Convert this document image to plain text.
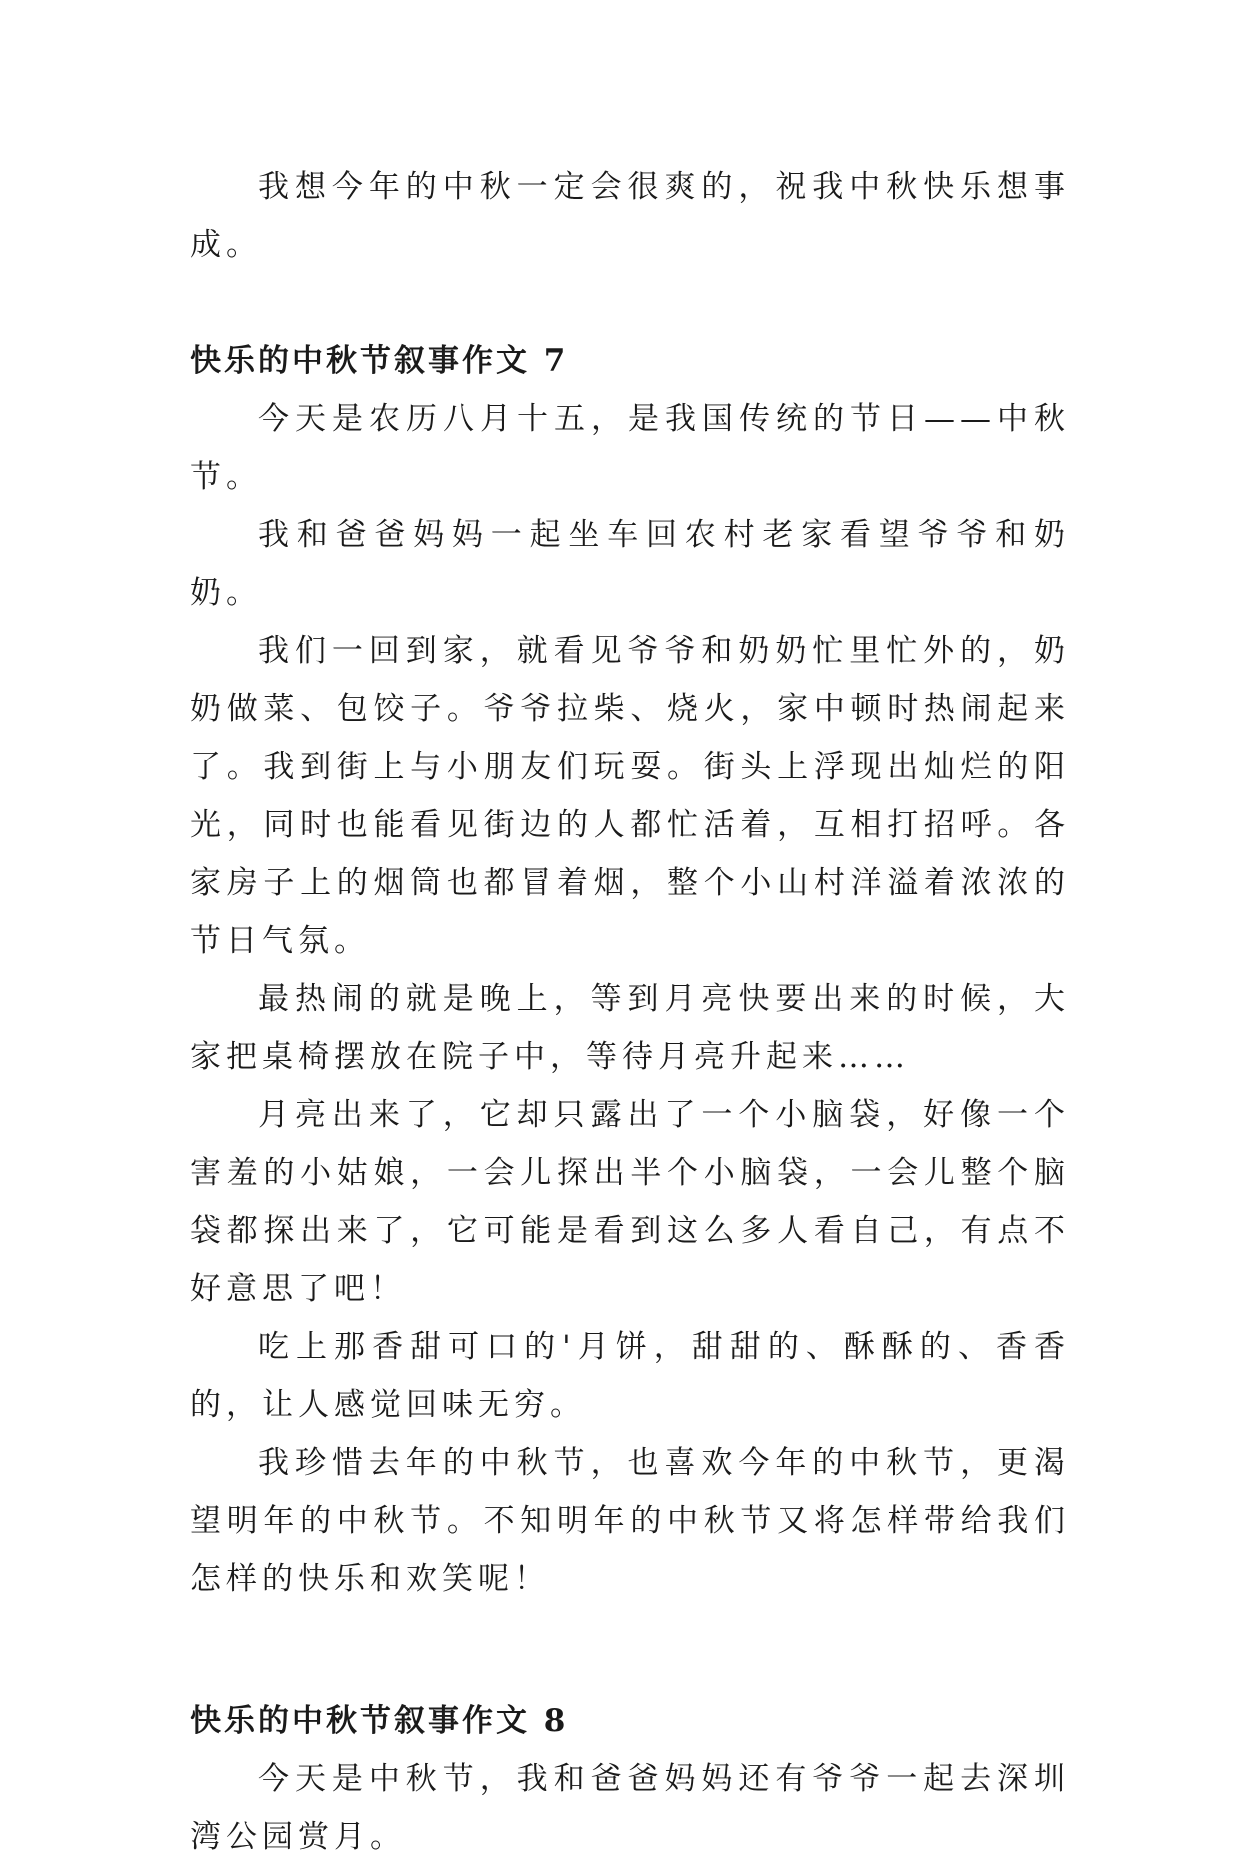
我想今年的中秋一定会很爽的，祝我中秋快乐想事成。

快乐的中秋节叙事作文 7

今天是农历八月十五，是我国传统的节日——中秋节。

我和爸爸妈妈一起坐车回农村老家看望爷爷和奶奶。

我们一回到家，就看见爷爷和奶奶忙里忙外的，奶奶做菜、包饺子。爷爷拉柴、烧火，家中顿时热闹起来了。我到街上与小朋友们玩耍。街头上浮现出灿烂的阳光，同时也能看见街边的人都忙活着，互相打招呼。各家房子上的烟筒也都冒着烟，整个小山村洋溢着浓浓的节日气氛。

最热闹的就是晚上，等到月亮快要出来的时候，大家把桌椅摆放在院子中，等待月亮升起来……

月亮出来了，它却只露出了一个小脑袋，好像一个害羞的小姑娘，一会儿探出半个小脑袋，一会儿整个脑袋都探出来了，它可能是看到这么多人看自己，有点不好意思了吧！

吃上那香甜可口的'月饼，甜甜的、酥酥的、香香的，让人感觉回味无穷。

我珍惜去年的中秋节，也喜欢今年的中秋节，更渴望明年的中秋节。不知明年的中秋节又将怎样带给我们怎样的快乐和欢笑呢！

快乐的中秋节叙事作文 8

今天是中秋节，我和爸爸妈妈还有爷爷一起去深圳湾公园赏月。
